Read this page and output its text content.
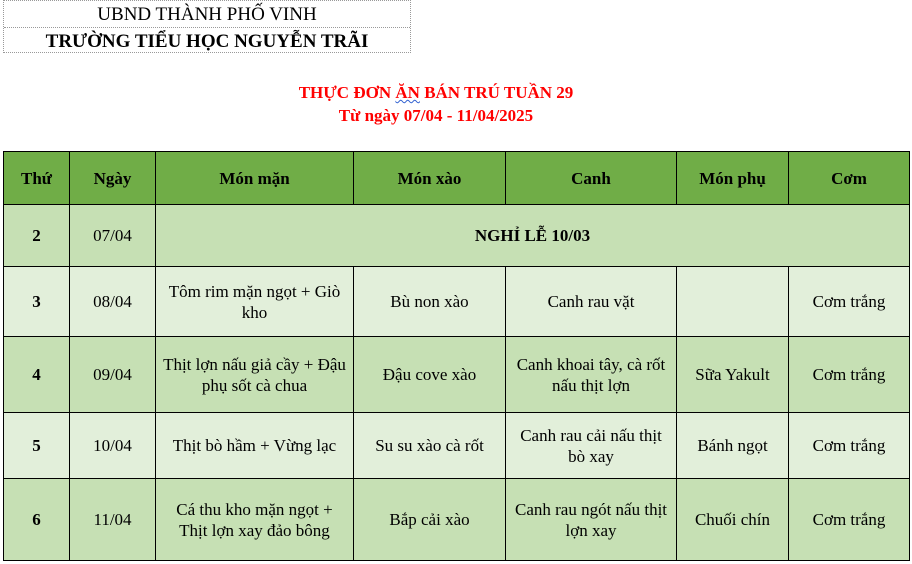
UBND THÀNH PHỐ VINH
TRƯỜNG TIỂU HỌC NGUYỄN TRÃI
THỰC ĐƠN ĂN BÁN TRÚ TUẦN 29
Từ ngày 07/04 - 11/04/2025
Thứ	Ngày	Món mặn	Món xào	Canh	Món phụ	Cơm
2	07/04	NGHỈ LỄ 10/03				
3	08/04	Tôm rim mặn ngọt + Giò kho	Bù non xào	Canh rau vặt		Cơm trắng
4	09/04	Thịt lợn nấu giả cầy + Đậu phụ sốt cà chua	Đậu cove xào	Canh khoai tây, cà rốt nấu thịt lợn	Sữa Yakult	Cơm trắng
5	10/04	Thịt bò hầm + Vừng lạc	Su su xào cà rốt	Canh rau cải nấu thịt bò xay	Bánh ngọt	Cơm trắng
6	11/04	Cá thu kho mặn ngọt + Thịt lợn xay đảo bông	Bắp cải xào	Canh rau ngót nấu thịt lợn xay	Chuối chín	Cơm trắng
